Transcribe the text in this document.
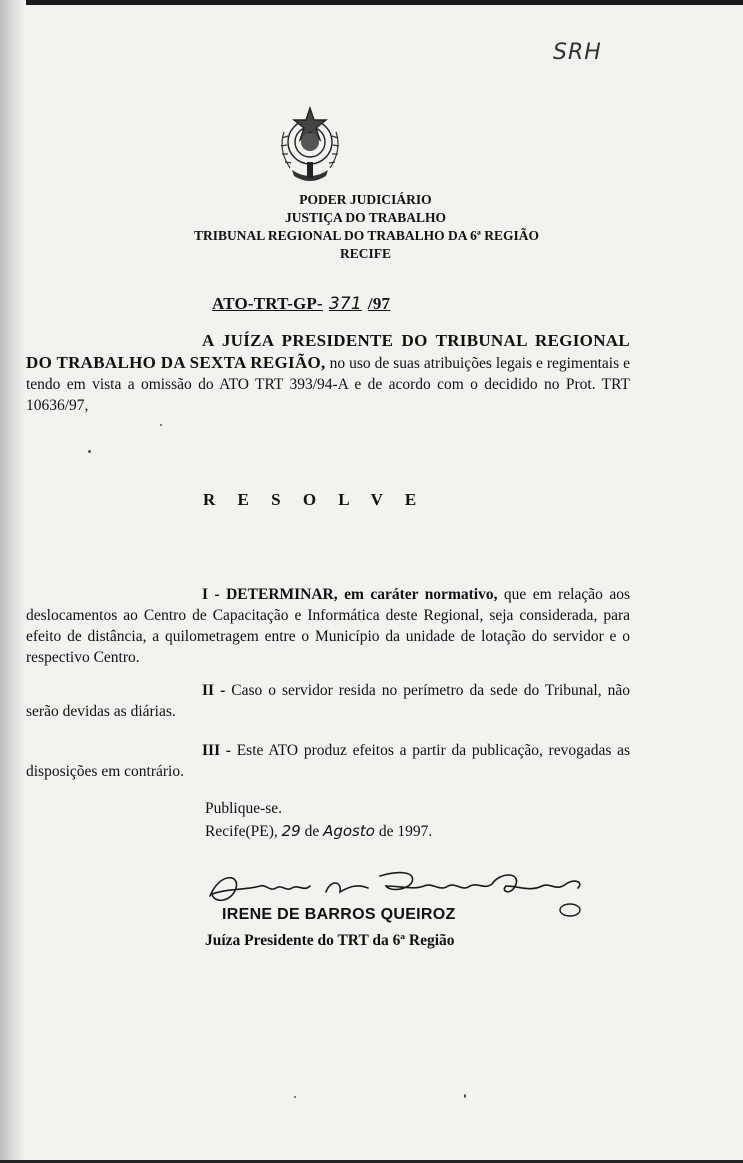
SRH
PODER JUDICIÁRIO
JUSTIÇA DO TRABALHO
TRIBUNAL REGIONAL DO TRABALHO DA 6ª REGIÃO
RECIFE
ATO-TRT-GP- 371 /97
A JUÍZA PRESIDENTE DO TRIBUNAL REGIONAL DO TRABALHO DA SEXTA REGIÃO, no uso de suas atribuições legais e regimentais e tendo em vista a omissão do ATO TRT 393/94-A e de acordo com o decidido no Prot. TRT 10636/97,
R E S O L V E
I - DETERMINAR, em caráter normativo, que em relação aos deslocamentos ao Centro de Capacitação e Informática deste Regional, seja considerada, para efeito de distância, a quilometragem entre o Município da unidade de lotação do servidor e o respectivo Centro.
II - Caso o servidor resida no perímetro da sede do Tribunal, não serão devidas as diárias.
III - Este ATO produz efeitos a partir da publicação, revogadas as disposições em contrário.
Publique-se.
Recife(PE), 29 de Agosto de 1997.
IRENE DE BARROS QUEIROZ
Juíza Presidente do TRT da 6ª Região
